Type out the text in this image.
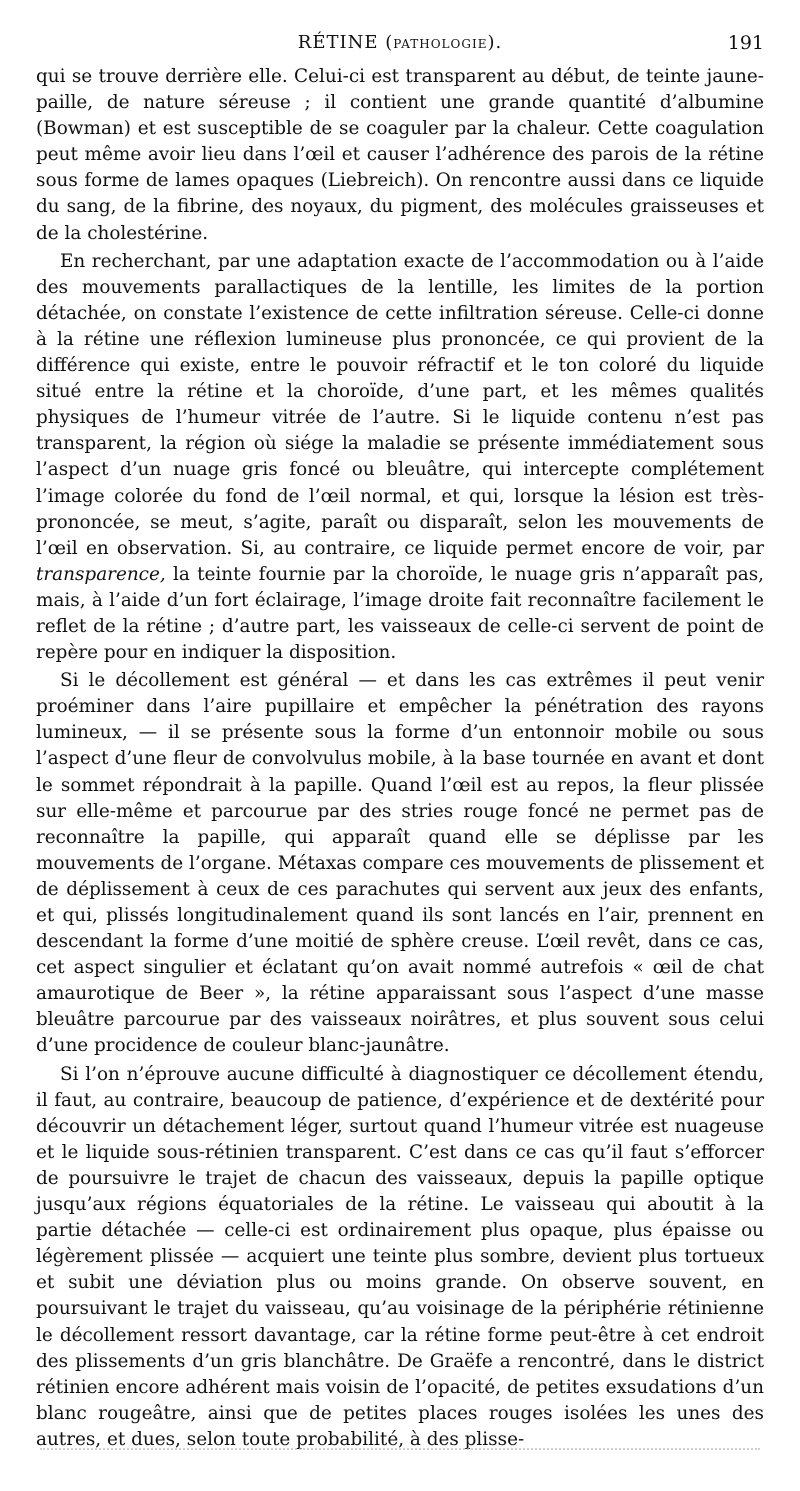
RÉTINE (PATHOLOGIE).	191

qui se trouve derrière elle. Celui-ci est transparent au début, de teinte jaune-paille, de nature séreuse ; il contient une grande quantité d’albumine (Bowman) et est susceptible de se coaguler par la chaleur. Cette coagulation peut même avoir lieu dans l’œil et causer l’adhérence des parois de la rétine sous forme de lames opaques (Liebreich). On rencontre aussi dans ce liquide du sang, de la fibrine, des noyaux, du pigment, des molécules graisseuses et de la cholestérine.

En recherchant, par une adaptation exacte de l’accommodation ou à l’aide des mouvements parallactiques de la lentille, les limites de la portion détachée, on constate l’existence de cette infiltration séreuse. Celle-ci donne à la rétine une réflexion lumineuse plus prononcée, ce qui provient de la différence qui existe, entre le pouvoir réfractif et le ton coloré du liquide situé entre la rétine et la choroïde, d’une part, et les mêmes qualités physiques de l’humeur vitrée de l’autre. Si le liquide contenu n’est pas transparent, la région où siége la maladie se présente immédiatement sous l’aspect d’un nuage gris foncé ou bleuâtre, qui intercepte complétement l’image colorée du fond de l’œil normal, et qui, lorsque la lésion est très-prononcée, se meut, s’agite, paraît ou disparaît, selon les mouvements de l’œil en observation. Si, au contraire, ce liquide permet encore de voir, par transparence, la teinte fournie par la choroïde, le nuage gris n’apparaît pas, mais, à l’aide d’un fort éclairage, l’image droite fait reconnaître facilement le reflet de la rétine ; d’autre part, les vaisseaux de celle-ci servent de point de repère pour en indiquer la disposition.

Si le décollement est général — et dans les cas extrêmes il peut venir proéminer dans l’aire pupillaire et empêcher la pénétration des rayons lumineux, — il se présente sous la forme d’un entonnoir mobile ou sous l’aspect d’une fleur de convolvulus mobile, à la base tournée en avant et dont le sommet répondrait à la papille. Quand l’œil est au repos, la fleur plissée sur elle-même et parcourue par des stries rouge foncé ne permet pas de reconnaître la papille, qui apparaît quand elle se déplisse par les mouvements de l’organe. Métaxas compare ces mouvements de plissement et de déplissement à ceux de ces parachutes qui servent aux jeux des enfants, et qui, plissés longitudinalement quand ils sont lancés en l’air, prennent en descendant la forme d’une moitié de sphère creuse. L’œil revêt, dans ce cas, cet aspect singulier et éclatant qu’on avait nommé autrefois « œil de chat amaurotique de Beer », la rétine apparaissant sous l’aspect d’une masse bleuâtre parcourue par des vaisseaux noirâtres, et plus souvent sous celui d’une procidence de couleur blanc-jaunâtre.

Si l’on n’éprouve aucune difficulté à diagnostiquer ce décollement étendu, il faut, au contraire, beaucoup de patience, d’expérience et de dextérité pour découvrir un détachement léger, surtout quand l’humeur vitrée est nuageuse et le liquide sous-rétinien transparent. C’est dans ce cas qu’il faut s’efforcer de poursuivre le trajet de chacun des vaisseaux, depuis la papille optique jusqu’aux régions équatoriales de la rétine. Le vaisseau qui aboutit à la partie détachée — celle-ci est ordinairement plus opaque, plus épaisse ou légèrement plissée — acquiert une teinte plus sombre, devient plus tortueux et subit une déviation plus ou moins grande. On observe souvent, en poursuivant le trajet du vaisseau, qu’au voisinage de la périphérie rétinienne le décollement ressort davantage, car la rétine forme peut-être à cet endroit des plissements d’un gris blanchâtre. De Graëfe a rencontré, dans le district rétinien encore adhérent mais voisin de l’opacité, de petites exsudations d’un blanc rougeâtre, ainsi que de petites places rouges isolées les unes des autres, et dues, selon toute probabilité, à des plisse-
